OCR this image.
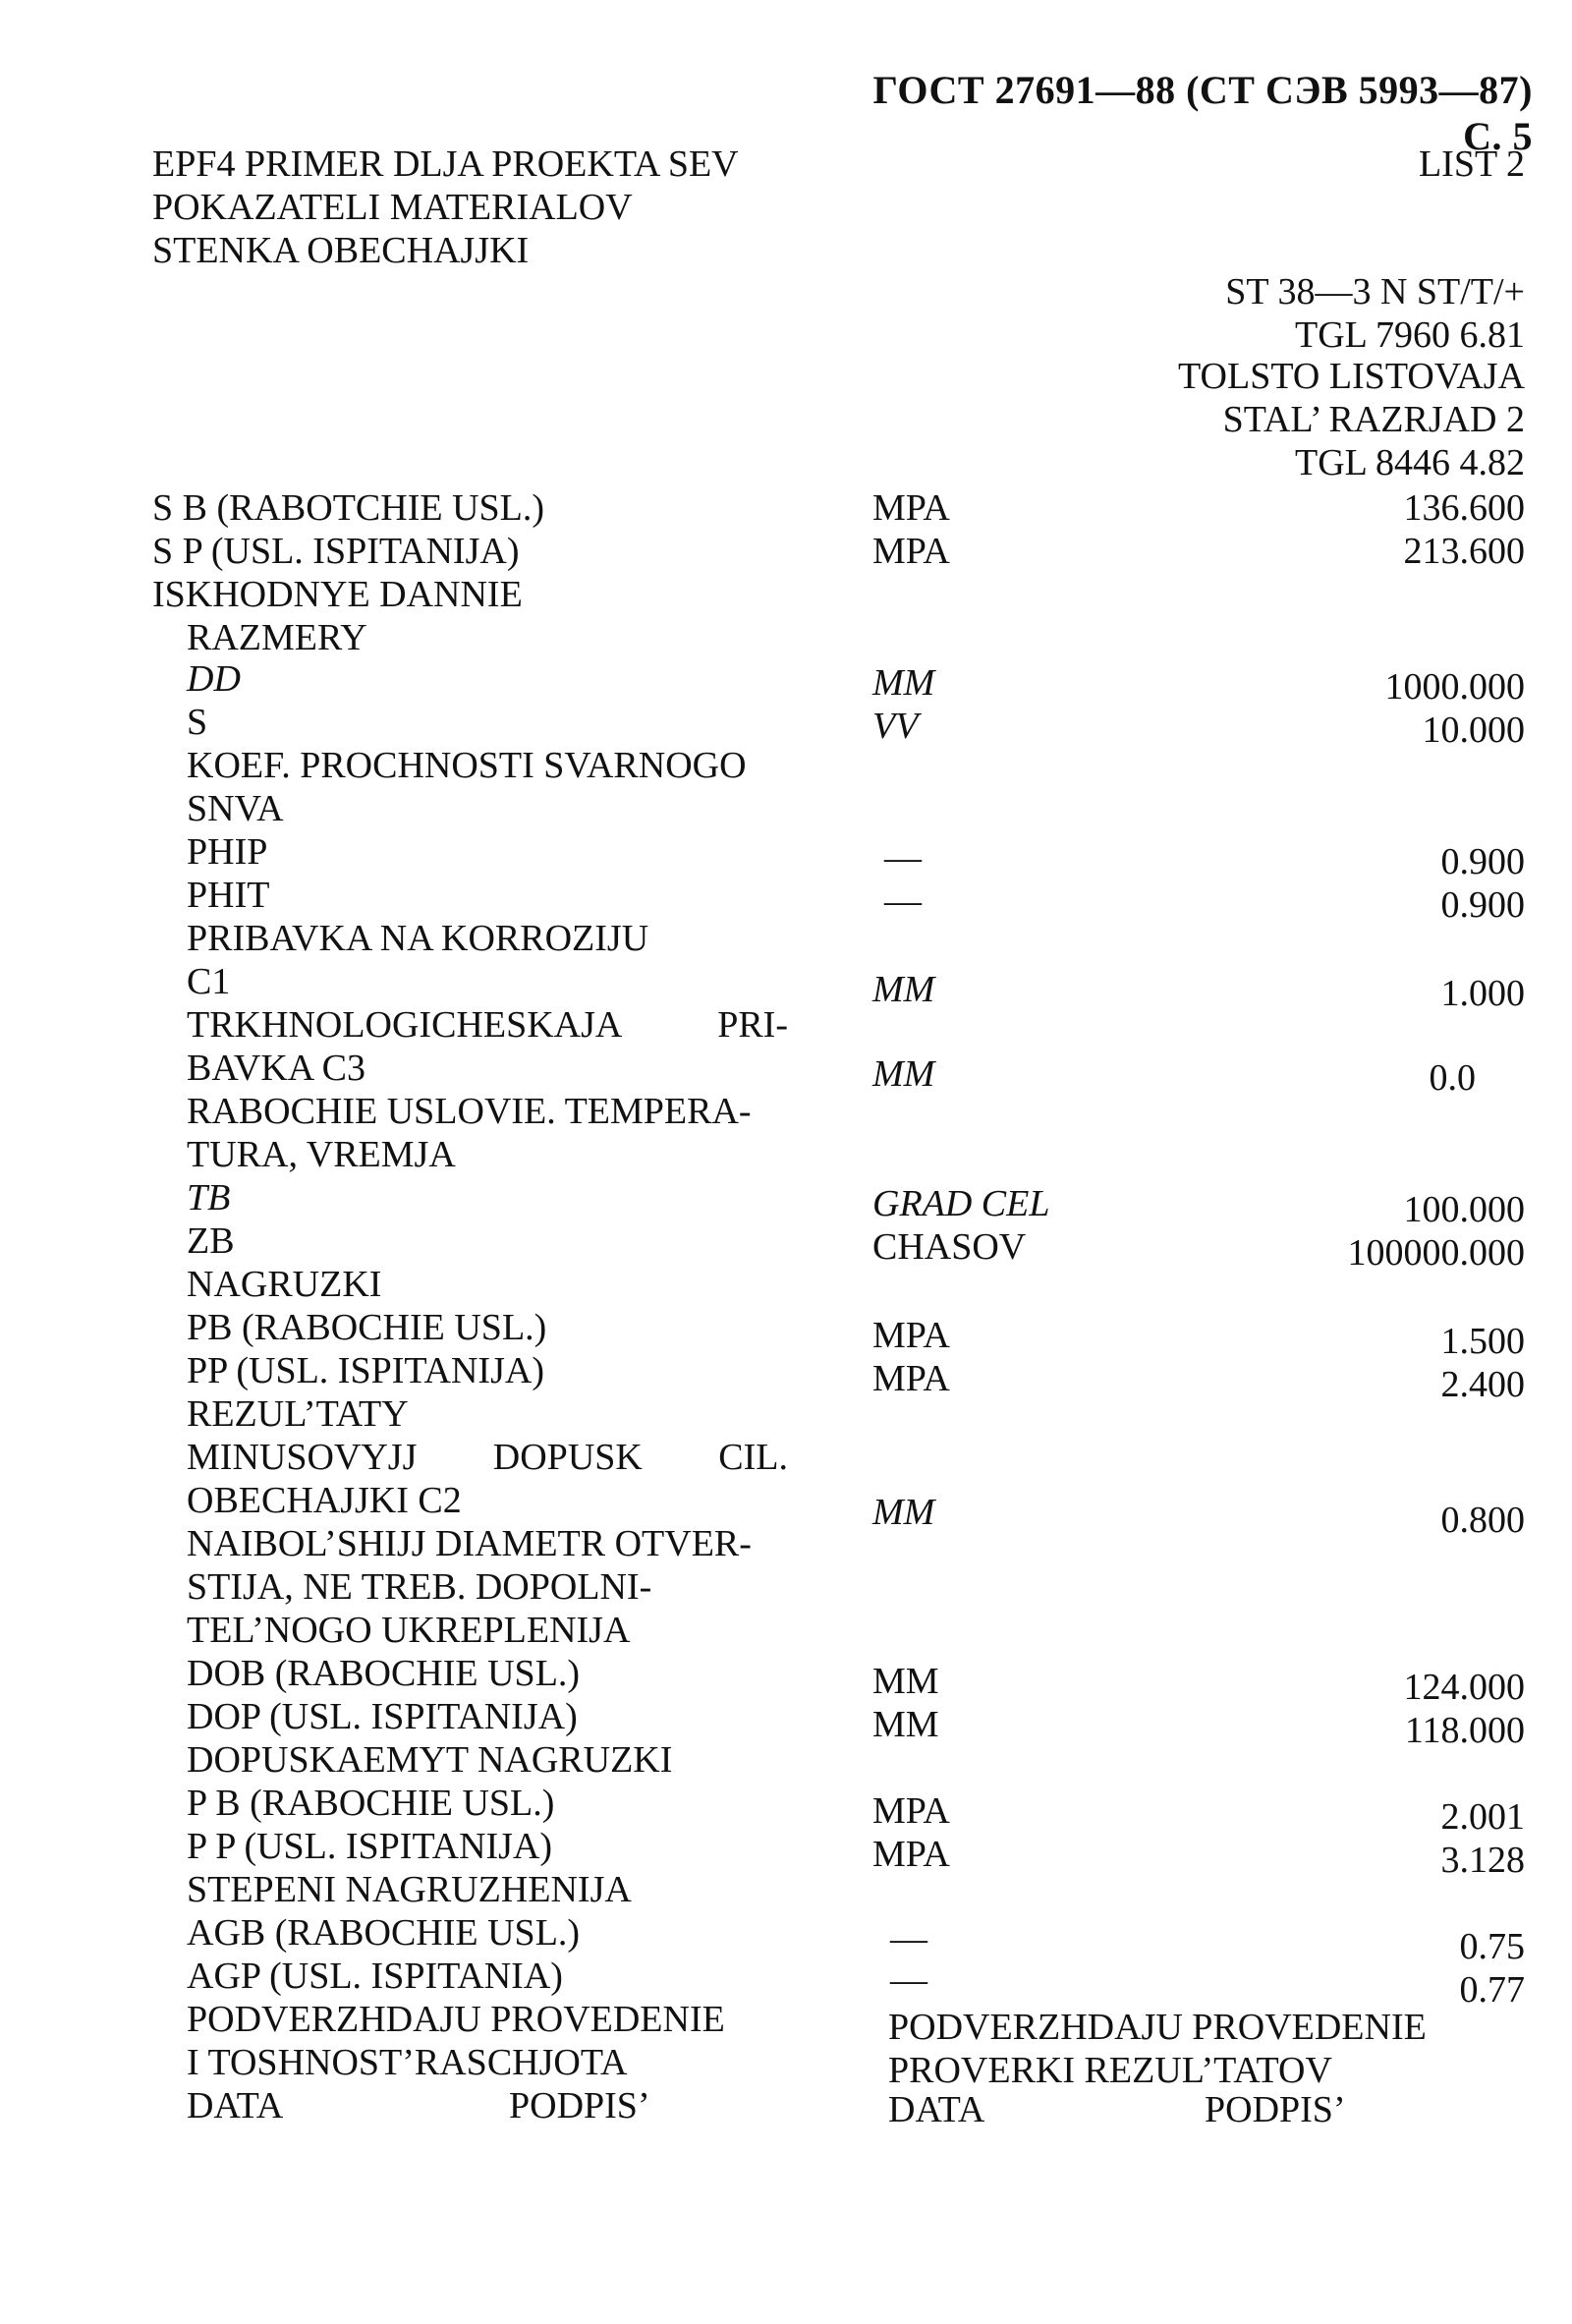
ГОСТ 27691—88 (СТ СЭВ 5993—87) С. 5
EPF4 PRIMER DLJA PROEKTA SEV	LIST 2
POKAZATELI MATERIALOV
STENKA OBECHAJJKI
ST 38—3 N ST/T/+
TGL 7960 6.81
TOLSTO LISTOVAJA
STAL’ RAZRJAD 2
TGL 8446 4.82
S B (RABOTCHIE USL.)	MPA	136.600
S P (USL. ISPITANIJA)	MPA	213.600
ISKHODNYE DANNIE
RAZMERY
DD	MM	1000.000
S	VV	10.000
KOEF. PROCHNOSTI SVARNOGO
SNVA
PHIP	—	0.900
PHIT	—	0.900
PRIBAVKA NA KORROZIJU
C1	MM	1.000
TRKHNOLOGICHESKAJA	PRI-
BAVKA C3	MM	0.0
RABOCHIE USLOVIE. TEMPERA-
TURA, VREMJA
TB	GRAD CEL	100.000
ZB	CHASOV	100000.000
NAGRUZKI
PB (RABOCHIE USL.)	MPA	1.500
PP (USL. ISPITANIJA)	MPA	2.400
REZUL’TATY
MINUSOVYJJ DOPUSK CIL.
OBECHAJJKI C2	MM	0.800
NAIBOL’SHIJJ DIAMETR OTVER-
STIJA, NE TREB. DOPOLNI-
TEL’NOGO UKREPLENIJA
DOB (RABOCHIE USL.)	MM	124.000
DOP (USL. ISPITANIJA)	MM	118.000
DOPUSKAEMYT NAGRUZKI
P B (RABOCHIE USL.)	MPA	2.001
P P (USL. ISPITANIJA)	MPA	3.128
STEPENI NAGRUZHENIJA
AGB (RABOCHIE USL.)	—	0.75
AGP (USL. ISPITANIA)	—	0.77
PODVERZHDAJU PROVEDENIE
I TOSHNOST’RASCHJOTA
DATA	PODPIS’
PODVERZHDAJU PROVEDENIE
PROVERKI REZUL’TATOV
DATA	PODPIS’
